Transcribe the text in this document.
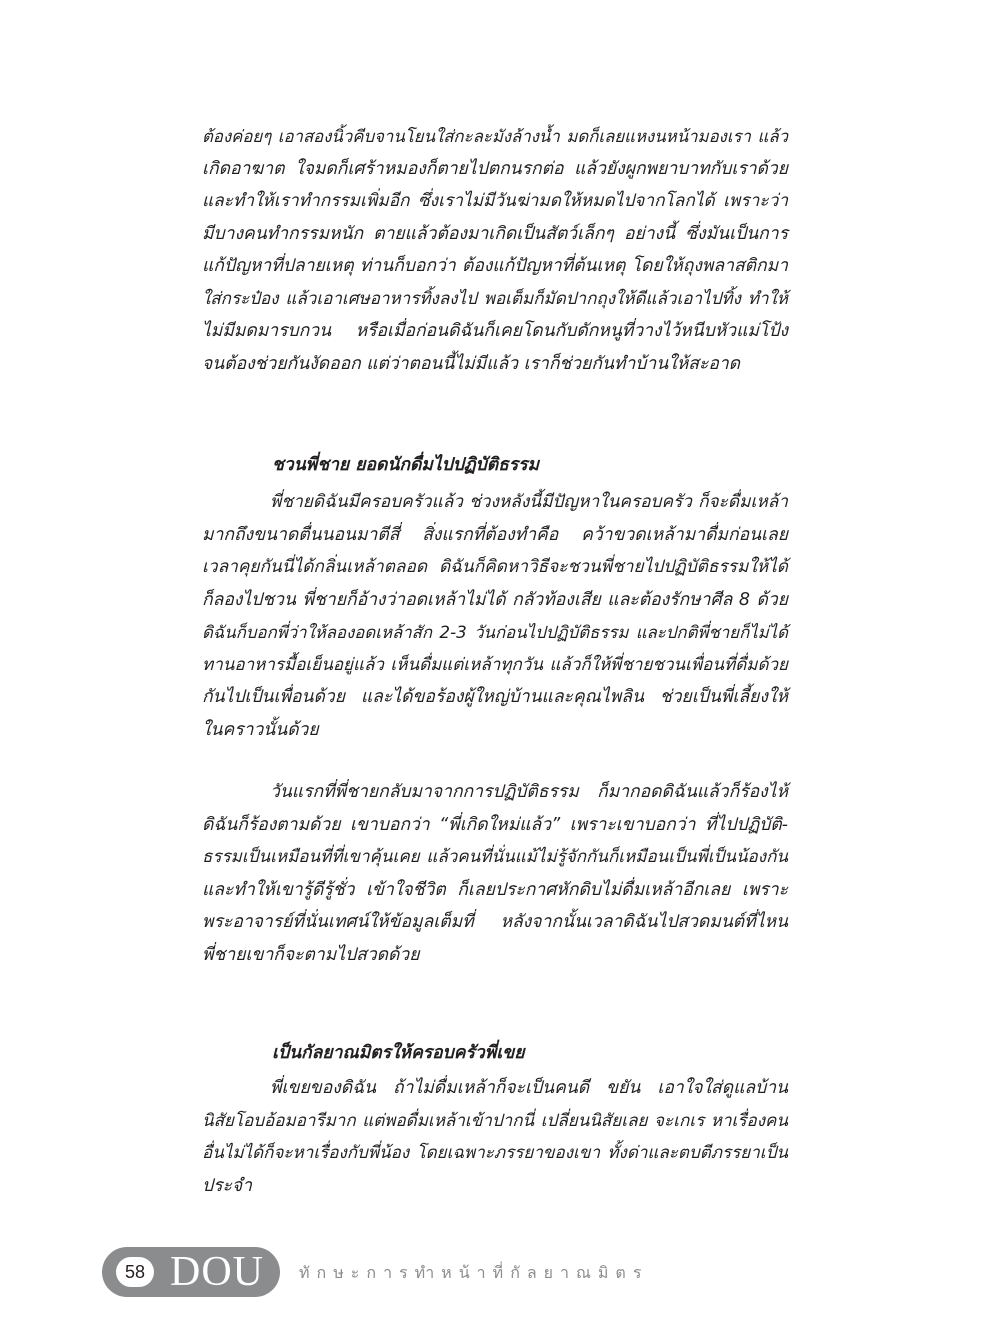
ต้องค่อยๆ เอาสองนิ้วคีบจานโยนใส่กะละมังล้างน้ำ มดก็เลยแหงนหน้ามองเรา แล้ว
เกิดอาฆาต ใจมดก็เศร้าหมองก็ตายไปตกนรกต่อ แล้วยังผูกพยาบาทกับเราด้วย
และทำให้เราทำกรรมเพิ่มอีก ซึ่งเราไม่มีวันฆ่ามดให้หมดไปจากโลกได้ เพราะว่า
มีบางคนทำกรรมหนัก ตายแล้วต้องมาเกิดเป็นสัตว์เล็กๆ อย่างนี้ ซึ่งมันเป็นการ
แก้ปัญหาที่ปลายเหตุ ท่านก็บอกว่า ต้องแก้ปัญหาที่ต้นเหตุ โดยให้ถุงพลาสติกมา
ใส่กระป๋อง แล้วเอาเศษอาหารทิ้งลงไป พอเต็มก็มัดปากถุงให้ดีแล้วเอาไปทิ้ง ทำให้
ไม่มีมดมารบกวน หรือเมื่อก่อนดิฉันก็เคยโดนกับดักหนูที่วางไว้หนีบหัวแม่โป้ง
จนต้องช่วยกันงัดออก แต่ว่าตอนนี้ไม่มีแล้ว เราก็ช่วยกันทำบ้านให้สะอาด
ชวนพี่ชาย ยอดนักดื่มไปปฏิบัติธรรม
พี่ชายดิฉันมีครอบครัวแล้ว ช่วงหลังนี้มีปัญหาในครอบครัว ก็จะดื่มเหล้า
มากถึงขนาดตื่นนอนมาตีสี่ สิ่งแรกที่ต้องทำคือ คว้าขวดเหล้ามาดื่มก่อนเลย
เวลาคุยกันนี่ได้กลิ่นเหล้าตลอด ดิฉันก็คิดหาวิธีจะชวนพี่ชายไปปฏิบัติธรรมให้ได้
ก็ลองไปชวน พี่ชายก็อ้างว่าอดเหล้าไม่ได้ กลัวท้องเสีย และต้องรักษาศีล 8 ด้วย
ดิฉันก็บอกพี่ว่าให้ลองอดเหล้าสัก 2-3 วันก่อนไปปฏิบัติธรรม และปกติพี่ชายก็ไม่ได้
ทานอาหารมื้อเย็นอยู่แล้ว เห็นดื่มแต่เหล้าทุกวัน แล้วก็ให้พี่ชายชวนเพื่อนที่ดื่มด้วย
กันไปเป็นเพื่อนด้วย และได้ขอร้องผู้ใหญ่บ้านและคุณไพลิน ช่วยเป็นพี่เลี้ยงให้
ในคราวนั้นด้วย
วันแรกที่พี่ชายกลับมาจากการปฏิบัติธรรม ก็มากอดดิฉันแล้วก็ร้องไห้
ดิฉันก็ร้องตามด้วย เขาบอกว่า “พี่เกิดใหม่แล้ว” เพราะเขาบอกว่า ที่ไปปฏิบัติ-
ธรรมเป็นเหมือนที่ที่เขาคุ้นเคย แล้วคนที่นั่นแม้ไม่รู้จักกันก็เหมือนเป็นพี่เป็นน้องกัน
และทำให้เขารู้ดีรู้ชั่ว เข้าใจชีวิต ก็เลยประกาศหักดิบไม่ดื่มเหล้าอีกเลย เพราะ
พระอาจารย์ที่นั่นเทศน์ให้ข้อมูลเต็มที่ หลังจากนั้นเวลาดิฉันไปสวดมนต์ที่ไหน
พี่ชายเขาก็จะตามไปสวดด้วย
เป็นกัลยาณมิตรให้ครอบครัวพี่เขย
พี่เขยของดิฉัน ถ้าไม่ดื่มเหล้าก็จะเป็นคนดี ขยัน เอาใจใส่ดูแลบ้าน
นิสัยโอบอ้อมอารีมาก แต่พอดื่มเหล้าเข้าปากนี่ เปลี่ยนนิสัยเลย จะเกเร หาเรื่องคน
อื่นไม่ได้ก็จะหาเรื่องกับพี่น้อง โดยเฉพาะภรรยาของเขา ทั้งด่าและตบตีภรรยาเป็น
ประจำ
58 DOU ทักษะการทำหน้าที่กัลยาณมิตร
